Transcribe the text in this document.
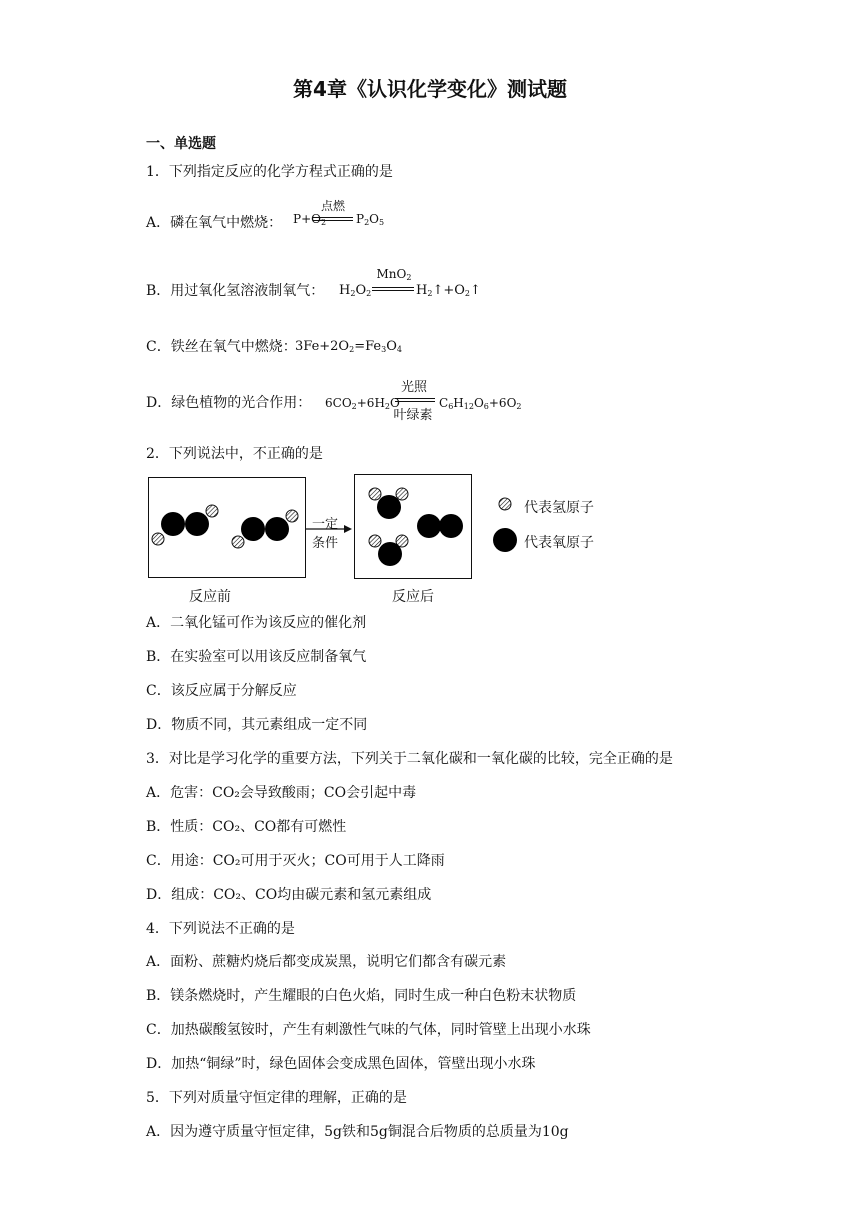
第4章《认识化学变化》测试题
一、单选题
1．下列指定反应的化学方程式正确的是
A．磷在氧气中燃烧：
点燃
$P+O_2$ $P_2O_5$
B．用过氧化氢溶液制氧气： $H_2O_2$
MnO$_2$
$H_2↑+O_2↑$
C．铁丝在氧气中燃烧：
$3Fe+2O_2=Fe_3O_4$
D．绿色植物的光合作用： $6CO_2+6H_2O$
光照
叶绿素
$C_6H_{12}O_6+6O_2$
2．下列说法中，不正确的是
一定
条件
代表氢原子
代表氧原子
反应前	反应后
A．二氧化锰可作为该反应的催化剂
B．在实验室可以用该反应制备氧气
C．该反应属于分解反应
D．物质不同，其元素组成一定不同
3．对比是学习化学的重要方法，下列关于二氧化碳和一氧化碳的比较，完全正确的是
A．危害：CO₂会导致酸雨；CO会引起中毒
B．性质：CO₂、CO都有可燃性
C．用途：CO₂可用于灭火；CO可用于人工降雨
D．组成：CO₂、CO均由碳元素和氢元素组成
4．下列说法不正确的是
A．面粉、蔗糖灼烧后都变成炭黑，说明它们都含有碳元素
B．镁条燃烧时，产生耀眼的白色火焰，同时生成一种白色粉末状物质
C．加热碳酸氢铵时，产生有刺激性气味的气体，同时管壁上出现小水珠
D．加热“铜绿”时，绿色固体会变成黑色固体，管壁出现小水珠
5．下列对质量守恒定律的理解，正确的是
A．因为遵守质量守恒定律，5g铁和5g铜混合后物质的总质量为10g
